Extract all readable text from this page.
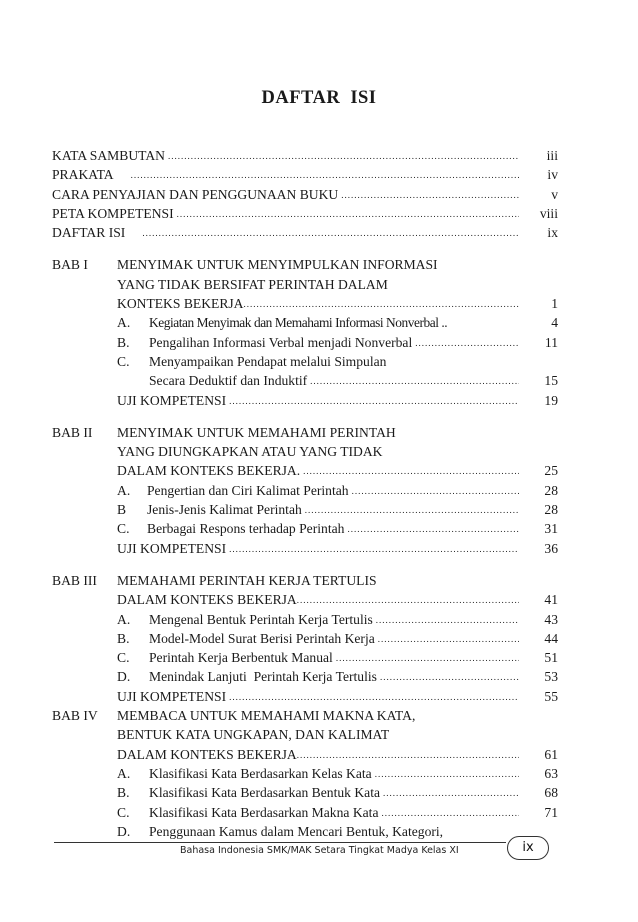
DAFTAR ISI
KATA SAMBUTAN .....	iii
PRAKATA .....	iv
CARA PENYAJIAN DAN PENGGUNAAN BUKU .....	v
PETA KOMPETENSI .....	viii
DAFTAR ISI .....	ix
BAB I MENYIMAK UNTUK MENYIMPULKAN INFORMASI
YANG TIDAK BERSIFAT PERINTAH DALAM
KONTEKS BEKERJA .....	1
A. Kegiatan Menyimak dan Memahami Informasi Nonverbal ..	4
B. Pengalihan Informasi Verbal menjadi Nonverbal .....	11
C. Menyampaikan Pendapat melalui Simpulan
Secara Deduktif dan Induktif .....	15
UJI KOMPETENSI .....	19
BAB II MENYIMAK UNTUK MEMAHAMI PERINTAH
YANG DIUNGKAPKAN ATAU YANG TIDAK
DALAM KONTEKS BEKERJA. .....	25
A. Pengertian dan Ciri Kalimat Perintah .....	28
B Jenis-Jenis Kalimat Perintah .....	28
C. Berbagai Respons terhadap Perintah .....	31
UJI KOMPETENSI .....	36
BAB III MEMAHAMI PERINTAH KERJA TERTULIS
DALAM KONTEKS BEKERJA .....	41
A. Mengenal Bentuk Perintah Kerja Tertulis .....	43
B. Model-Model Surat Berisi Perintah Kerja .....	44
C. Perintah Kerja Berbentuk Manual .....	51
D. Menindak Lanjuti  Perintah Kerja Tertulis .....	53
UJI KOMPETENSI .....	55
BAB IV MEMBACA UNTUK MEMAHAMI MAKNA KATA,
BENTUK KATA UNGKAPAN, DAN KALIMAT
DALAM KONTEKS BEKERJA .....	61
A. Klasifikasi Kata Berdasarkan Kelas Kata .....	63
B. Klasifikasi Kata Berdasarkan Bentuk Kata .....	68
C. Klasifikasi Kata Berdasarkan Makna Kata .....	71
D. Penggunaan Kamus dalam Mencari Bentuk, Kategori,
Bahasa Indonesia SMK/MAK Setara Tingkat Madya Kelas XI	ix
